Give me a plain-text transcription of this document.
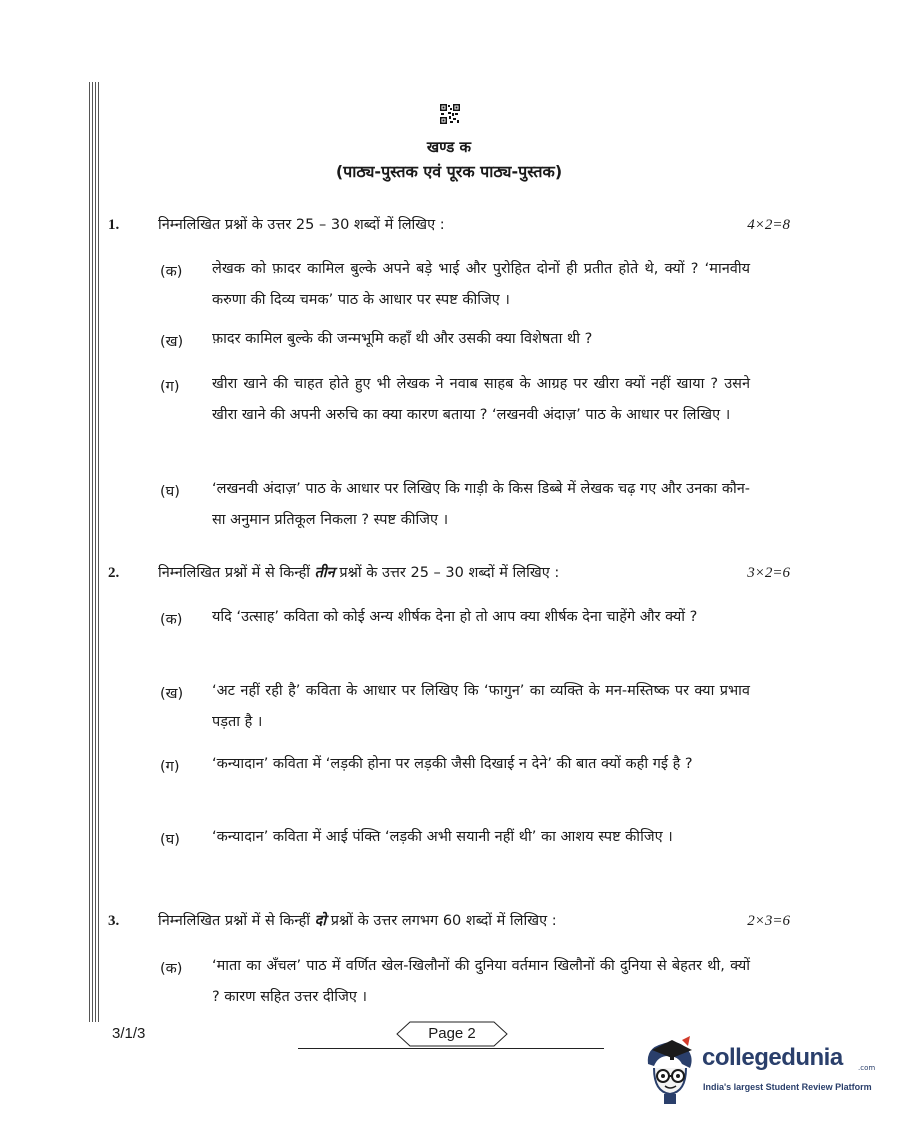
खण्ड क
(पाठ्य-पुस्तक एवं पूरक पाठ्य-पुस्तक)
1.	निम्नलिखित प्रश्नों के उत्तर 25 – 30 शब्दों में लिखिए :	4×2=8
(क) लेखक को फ़ादर कामिल बुल्के अपने बड़े भाई और पुरोहित दोनों ही प्रतीत होते थे, क्यों ? ‘मानवीय करुणा की दिव्य चमक’ पाठ के आधार पर स्पष्ट कीजिए ।
(ख) फ़ादर कामिल बुल्के की जन्मभूमि कहाँ थी और उसकी क्या विशेषता थी ?
(ग) खीरा खाने की चाहत होते हुए भी लेखक ने नवाब साहब के आग्रह पर खीरा क्यों नहीं खाया ? उसने खीरा खाने की अपनी अरुचि का क्या कारण बताया ? ‘लखनवी अंदाज़’ पाठ के आधार पर लिखिए ।
(घ) ‘लखनवी अंदाज़’ पाठ के आधार पर लिखिए कि गाड़ी के किस डिब्बे में लेखक चढ़ गए और उनका कौन-सा अनुमान प्रतिकूल निकला ? स्पष्ट कीजिए ।
2.	निम्नलिखित प्रश्नों में से किन्हीं तीन प्रश्नों के उत्तर 25 – 30 शब्दों में लिखिए :	3×2=6
(क) यदि ‘उत्साह’ कविता को कोई अन्य शीर्षक देना हो तो आप क्या शीर्षक देना चाहेंगे और क्यों ?
(ख) ‘अट नहीं रही है’ कविता के आधार पर लिखिए कि ‘फागुन’ का व्यक्ति के मन-मस्तिष्क पर क्या प्रभाव पड़ता है ।
(ग) ‘कन्यादान’ कविता में ‘लड़की होना पर लड़की जैसी दिखाई न देने’ की बात क्यों कही गई है ?
(घ) ‘कन्यादान’ कविता में आई पंक्ति ‘लड़की अभी सयानी नहीं थी’ का आशय स्पष्ट कीजिए ।
3.	निम्नलिखित प्रश्नों में से किन्हीं दो प्रश्नों के उत्तर लगभग 60 शब्दों में लिखिए :	2×3=6
(क) ‘माता का अँचल’ पाठ में वर्णित खेल-खिलौनों की दुनिया वर्तमान खिलौनों की दुनिया से बेहतर थी, क्यों ? कारण सहित उत्तर दीजिए ।
3/1/3	Page 2
collegedunia .com
India's largest Student Review Platform
